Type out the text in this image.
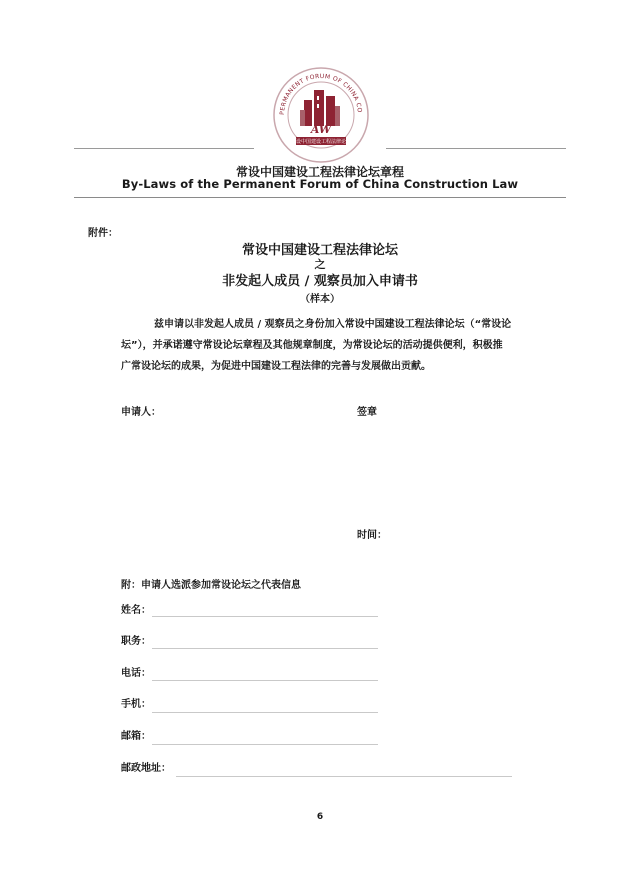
PERMANENT FORUM OF CHINA CO
AW
常设中国建设工程法律论坛
常设中国建设工程法律论坛章程
By-Laws of the Permanent Forum of China Construction Law
附件：
常设中国建设工程法律论坛
之
非发起人成员 / 观察员加入申请书
（样本）
兹申请以非发起人成员 / 观察员之身份加入常设中国建设工程法律论坛（“常设论
坛”），并承诺遵守常设论坛章程及其他规章制度，为常设论坛的活动提供便利，积极推
广常设论坛的成果，为促进中国建设工程法律的完善与发展做出贡献。
申请人：	签章
时间：
附：申请人选派参加常设论坛之代表信息
姓名：
职务：
电话：
手机：
邮箱：
邮政地址：
6
